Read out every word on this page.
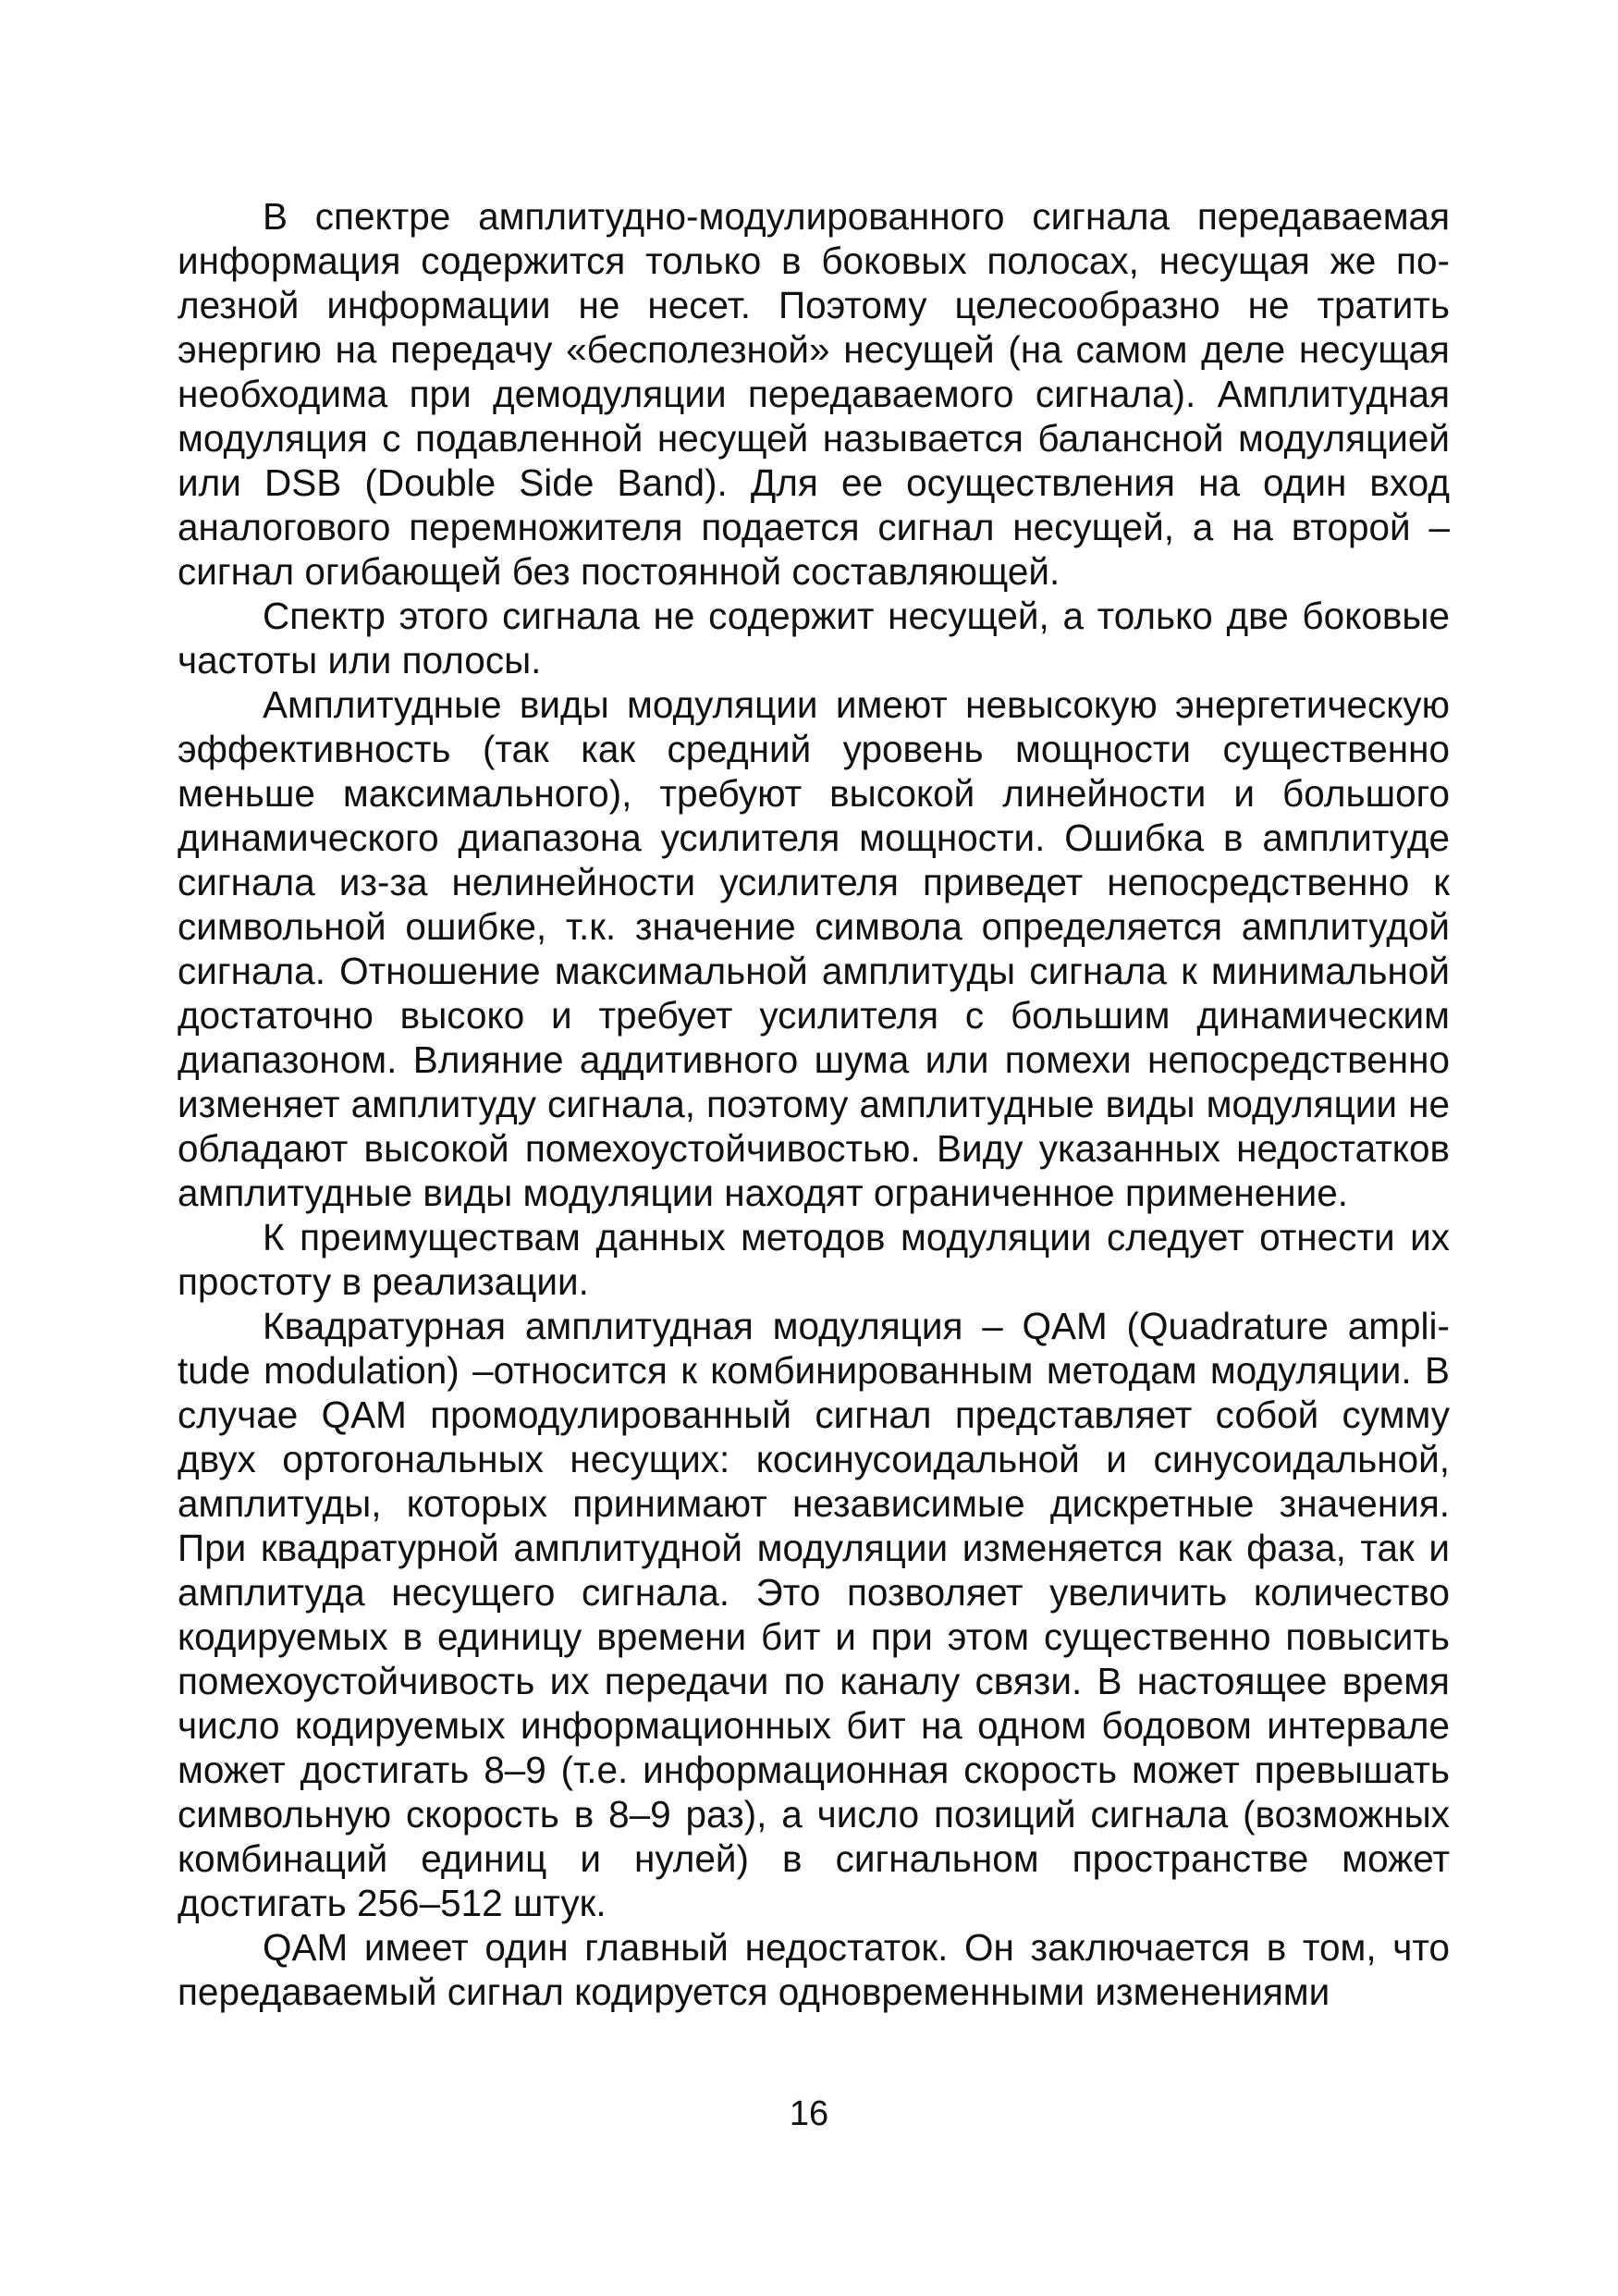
В спектре амплитудно-модулированного сигнала передаваемая информация содержится только в боковых полосах, несущая же полезной информации не несет. Поэтому целесообразно не тратить энергию на передачу «бесполезной» несущей (на самом деле несущая необходима при демодуляции передаваемого сигнала). Амплитудная модуляция с подавленной несущей называется балансной модуляцией или DSB (Double Side Band). Для ее осуществления на один вход аналогового перемножителя подается сигнал несущей, а на второй – сигнал огибающей без постоянной составляющей.

Спектр этого сигнала не содержит несущей, а только две боковые частоты или полосы.

Амплитудные виды модуляции имеют невысокую энергетическую эффективность (так как средний уровень мощности существенно меньше максимального), требуют высокой линейности и большого динамического диапазона усилителя мощности. Ошибка в амплитуде сигнала из-за нелинейности усилителя приведет непосредственно к символьной ошибке, т.к. значение символа определяется амплитудой сигнала. Отношение максимальной амплитуды сигнала к минимальной достаточно высоко и требует усилителя с большим динамическим диапазоном. Влияние аддитивного шума или помехи непосредственно изменяет амплитуду сигнала, поэтому амплитудные виды модуляции не обладают высокой помехоустойчивостью. Виду указанных недостатков амплитудные виды модуляции находят ограниченное применение.

К преимуществам данных методов модуляции следует отнести их простоту в реализации.

Квадратурная амплитудная модуляция – QAM (Quadrature amplitude modulation) –относится к комбинированным методам модуляции. В случае QAM промодулированный сигнал представляет собой сумму двух ортогональных несущих: косинусоидальной и синусоидальной, амплитуды, которых принимают независимые дискретные значения. При квадратурной амплитудной модуляции изменяется как фаза, так и амплитуда несущего сигнала. Это позволяет увеличить количество кодируемых в единицу времени бит и при этом существенно повысить помехоустойчивость их передачи по каналу связи. В настоящее время число кодируемых информационных бит на одном бодовом интервале может достигать 8–9 (т.е. информационная скорость может превышать символьную скорость в 8–9 раз), а число позиций сигнала (возможных комбинаций единиц и нулей) в сигнальном пространстве может достигать 256–512 штук.

QAM имеет один главный недостаток. Он заключается в том, что передаваемый сигнал кодируется одновременными изменениями

16
